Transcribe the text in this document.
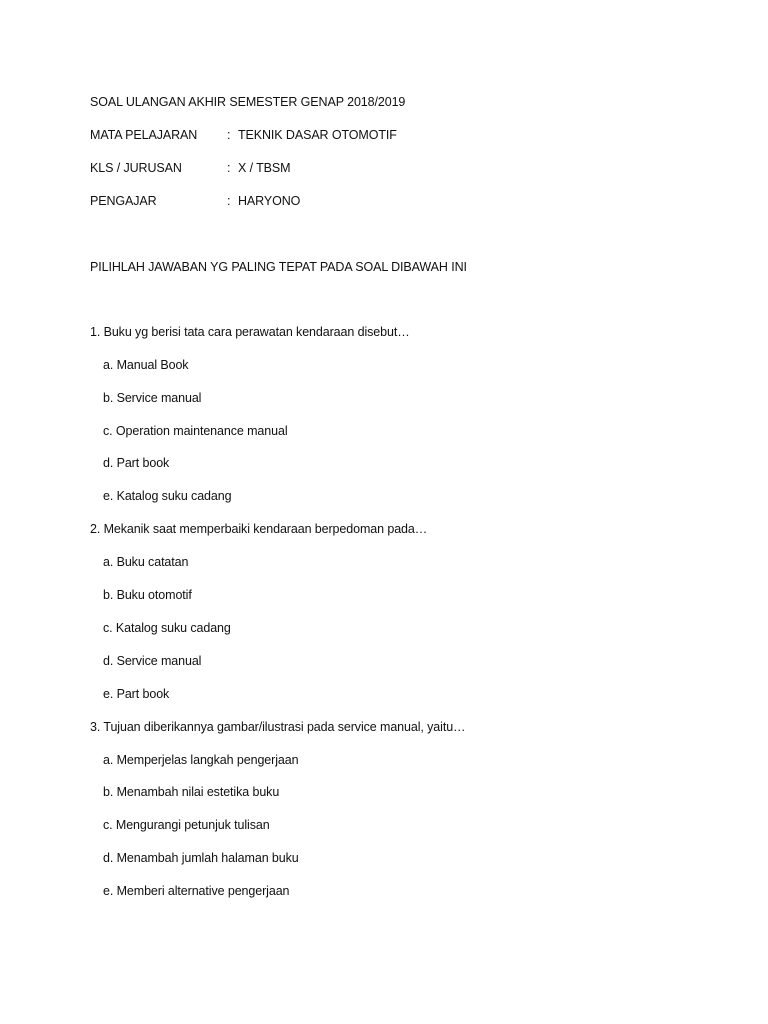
SOAL ULANGAN AKHIR SEMESTER GENAP 2018/2019
MATA PELAJARAN : TEKNIK DASAR OTOMOTIF
KLS / JURUSAN	: X / TBSM
PENGAJAR	: HARYONO
PILIHLAH JAWABAN YG PALING TEPAT PADA SOAL DIBAWAH INI
1. Buku yg berisi tata cara perawatan kendaraan disebut…
a. Manual Book
b. Service manual
c. Operation maintenance manual
d. Part book
e. Katalog suku cadang
2. Mekanik saat memperbaiki kendaraan berpedoman pada…
a. Buku catatan
b. Buku otomotif
c. Katalog suku cadang
d. Service manual
e. Part book
3. Tujuan diberikannya gambar/ilustrasi pada service manual, yaitu…
a. Memperjelas langkah pengerjaan
b. Menambah nilai estetika buku
c. Mengurangi petunjuk tulisan
d. Menambah jumlah halaman buku
e. Memberi alternative pengerjaan
